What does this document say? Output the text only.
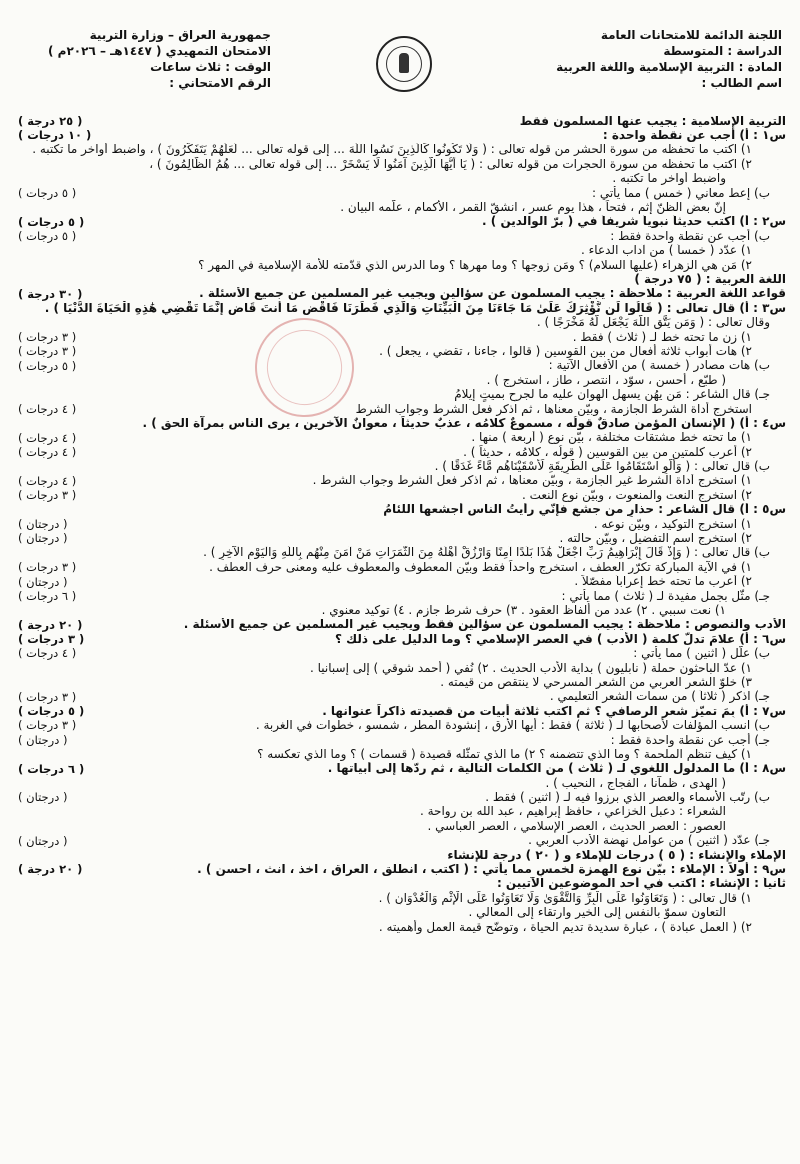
اللجنة الدائمة للامتحانات العامة
الدراسة : المتوسطة
المادة : التربية الإسلامية واللغة العربية
اسم الطالب :
جمهورية العراق – وزارة التربية
الامتحان التمهيدي ( ١٤٤٧هـ – ٢٠٢٦م )
الوقت : ثلاث ساعات
الرقم الامتحاني :
التربية الإسلامية : يجيب عنها المسلمون فقط
( ٢٥ درجة )
س١ : أ) أجب عن نقطة واحدة :
( ١٠ درجات )
١) اكتب ما تحفظه من سورة الحشر من قوله تعالى : ( وَلَا تَكُونُوا كَالَّذِينَ نَسُوا اللَّهَ ... إلى قوله تعالى ... لَعَلَّهُمْ يَتَفَكَّرُونَ ) ، واضبط أواخر ما تكتبه .
٢) اكتب ما تحفظه من سورة الحجرات من قوله تعالى : ( يَا أَيُّهَا الَّذِينَ آمَنُوا لَا يَسْخَرْ ... إلى قوله تعالى ... هُمُ الظَّالِمُونَ ) ،
واضبط أواخر ما تكتبه .
ب) إعط معاني ( خمس ) مما يأتي :
( ٥ درجات )
إنّ بعض الظنّ إثم ، فتحاً ، هذا يوم عسر ، انشقّ القمر ، الأكمام ، علّمه البيان .
س٢ : أ) اكتب حديثاً نبوياً شريفاً في ( برّ الوالدين ) .
( ٥ درجات )
ب) أجب عن نقطة واحدة فقط :
( ٥ درجات )
١) عدّد ( خمساً ) من آداب الدعاء .
٢) مَن هي الزهراء (عليها السلام) ؟ ومَن زوجها ؟ وما مهرها ؟ وما الدرس الذي قدّمته للأمة الإسلامية في المهر ؟
اللغة العربية : ( ٧٥ درجة )
قواعد اللغة العربية : ملاحظة : يجيب المسلمون عن سؤالين ويجيب غير المسلمين عن جميع الأسئلة .
( ٣٠ درجة )
س٣ : أ) قال تعالى : ( قَالُوا لَن نُّؤْثِرَكَ عَلَىٰ مَا جَاءَنَا مِنَ الْبَيِّنَاتِ وَالَّذِي فَطَرَنَا فَاقْضِ مَا أَنتَ قَاضٍ إِنَّمَا تَقْضِي هَٰذِهِ الْحَيَاةَ الدُّنْيَا ) .
وقال تعالى : ( وَمَن يَتَّقِ اللَّهَ يَجْعَل لَّهُ مَخْرَجًا ) .
١) زِن ما تحته خط لـ ( ثلاث ) فقط .
( ٣ درجات )
٢) هات أبواب ثلاثة أفعال من بين القوسين ( قالوا ، جاءنا ، تقضي ، يجعل ) .
( ٣ درجات )
ب) هات مصادر ( خمسة ) من الأفعال الآتية :
( ٥ درجات )
( طبّع ، أحسن ، سوّد ، انتصر ، طاز ، استخرج ) .
جـ) قال الشاعر : مَن يهُن يسهل الهوان عليه ما لجرحٍ بميتٍ إيلامُ
استخرج أداة الشرط الجازمة ، وبيّن معناها ، ثم اذكر فعل الشرط وجواب الشرط
( ٤ درجات )
س٤ : أ) ( الإنسان المؤمن صادقٌ قولُه ، مسموعٌ كلامُه ، عذبٌ حديثاً ، معوانٌ الآخرين ، يرى الناس بمرآة الحق ) .
١) ما تحته خط مشتقات مختلفة ، بيّن نوع ( أربعة ) منها .
( ٤ درجات )
٢) أعرب كلمتين من بين القوسين ( قولُه ، كلامُه ، حديثاً ) .
( ٤ درجات )
ب) قال تعالى : ( وَأَلَّوِ اسْتَقَامُوا عَلَى الطَّرِيقَةِ لَأَسْقَيْنَاهُم مَّاءً غَدَقًا ) .
١) استخرج أداة الشرط غير الجازمة ، وبيّن معناها ، ثم اذكر فعل الشرط وجواب الشرط .
( ٤ درجات )
٢) استخرج النعت والمنعوت ، وبيّن نوع النعت .
( ٣ درجات )
س٥ : أ) قال الشاعر : حذارِ من جشعٍ فإنّي رأيتُ الناس أجشعها اللئامُ
١) استخرج التوكيد ، وبيّن نوعه .
( درجتان )
٢) استخرج اسم التفضيل ، وبيّن حالته .
( درجتان )
ب) قال تعالى : ( وَإِذْ قَالَ إِبْرَاهِيمُ رَبِّ اجْعَلْ هَٰذَا بَلَدًا آمِنًا وَارْزُقْ أَهْلَهُ مِنَ الثَّمَرَاتِ مَنْ آمَنَ مِنْهُم بِاللَّهِ وَالْيَوْمِ الْآخِرِ ) .
١) في الآية المباركة تكرّر العطف ، استخرج واحداً فقط وبيّن المعطوف والمعطوف عليه ومعنى حرف العطف .
( ٣ درجات )
٢) أعرب ما تحته خط إعراباً مفصّلاً .
( درجتان )
جـ) مثّل بجمل مفيدة لـ ( ثلاث ) مما يأتي :
( ٦ درجات )
١) نعت سببي . ٢) عدد من ألفاظ العقود . ٣) حرف شرط جازم . ٤) توكيد معنوي .
الأدب والنصوص : ملاحظة : يجيب المسلمون عن سؤالين فقط ويجيب غير المسلمين عن جميع الأسئلة .
( ٢٠ درجة )
س٦ : أ) علامَ تدلّ كلمة ( الأدب ) في العصر الإسلامي ؟ وما الدليل على ذلك ؟
( ٣ درجات )
ب) علّل ( اثنين ) مما يأتي :
( ٤ درجات )
١) عدّ الباحثون حملة ( نابليون ) بداية الأدب الحديث . ٢) نُفي ( أحمد شوقي ) إلى إسبانيا .
٣) خلوّ الشعر العربي من الشعر المسرحي لا ينتقص من قيمته .
جـ) اذكر ( ثلاثاً ) من سمات الشعر التعليمي .
( ٣ درجات )
س٧ : أ) بِمَ تميّز شعر الرصافي ؟ ثم اكتب ثلاثة أبيات من قصيدته ذاكراً عنوانها .
( ٥ درجات )
ب) انسب المؤلفات لأصحابها لـ ( ثلاثة ) فقط : أيها الأرق ، إنشودة المطر ، شمسو ، خطوات في الغربة .
( ٣ درجات )
جـ) أجب عن نقطة واحدة فقط :
( درجتان )
١) كيف تنظم الملحمة ؟ وما الذي تتضمنه ؟ ٢) ما الذي تمثّله قصيدة ( قسمات ) ؟ وما الذي تعكسه ؟
س٨ : أ) ما المدلول اللغوي لـ ( ثلاث ) من الكلمات التالية ، ثم ردّها إلى أبياتها .
( ٦ درجات )
( الهدى ، ظمآنا ، الفجاج ، النحيب ) .
ب) رتّب الأسماء والعصر الذي برزوا فيه لـ ( اثنين ) فقط .
( درجتان )
الشعراء : دعبل الخزاعي ، حافظ إبراهيم ، عبد الله بن رواحة .
العصور : العصر الحديث ، العصر الإسلامي ، العصر العباسي .
جـ) عدّد ( اثنين ) من عوامل نهضة الأدب العربي .
( درجتان )
الإملاء والإنشاء : ( ٥ ) درجات للإملاء و ( ٢٠ ) درجة للإنشاء
س٩ : أولاً : الإملاء : بيّن نوع الهمزة لخمسٍ مما يأتي : ( اكتب ، انطلق ، العراق ، اخذ ، انث ، احسن ) .
( ٢٠ درجة )
ثانياً : الإنشاء : اكتب في أحد الموضوعين الآتيين :
١) قال تعالى : ( وَتَعَاوَنُوا عَلَى الْبِرِّ وَالتَّقْوَىٰ وَلَا تَعَاوَنُوا عَلَى الْإِثْمِ وَالْعُدْوَانِ ) .
التعاون سموّ بالنفس إلى الخير وارتقاء إلى المعالي .
٢) ( العمل عبادة ) ، عبارة سديدة تديم الحياة ، وتوضّح قيمة العمل وأهميته .
